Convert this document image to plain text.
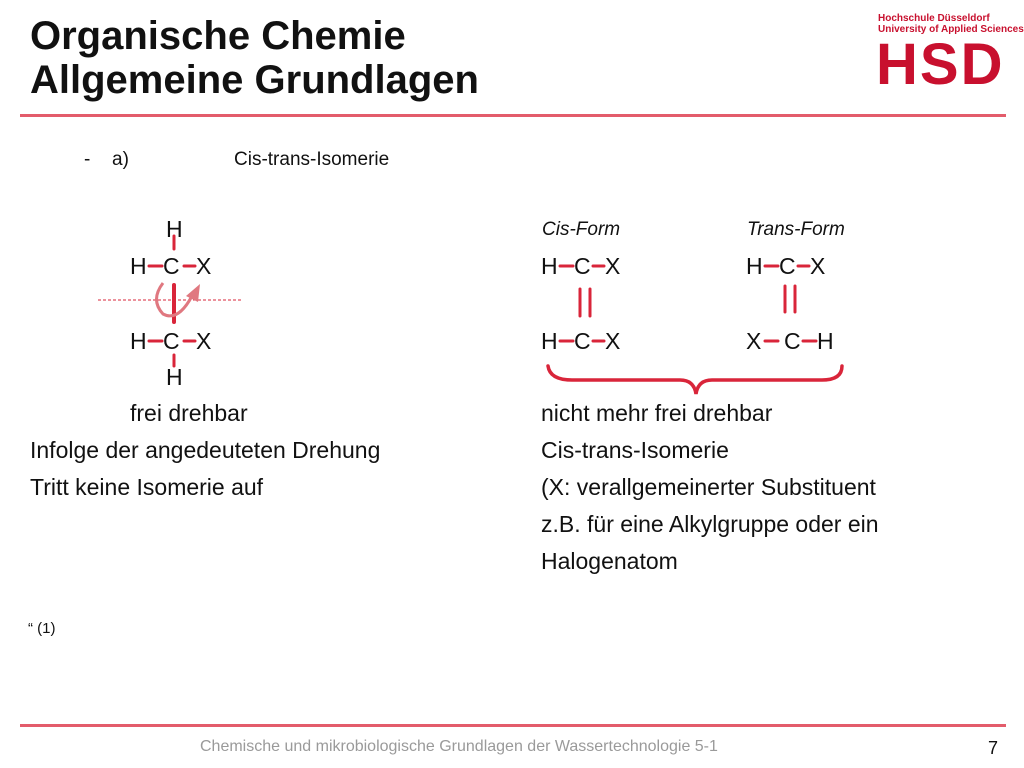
Organische Chemie
Allgemeine Grundlagen
Hochschule Düsseldorf
University of Applied Sciences
HSD
- a)	Cis-trans-Isomerie
H
H C X
H C X
H
Cis-Form
H C X
H C X
Trans-Form
H C X
X C H
frei drehbar
Infolge der angedeuteten Drehung
Tritt keine Isomerie auf
nicht mehr frei drehbar
Cis-trans-Isomerie
(X: verallgemeinerter Substituent
z.B. für eine Alkylgruppe oder ein
Halogenatom
“ (1)
Chemische und mikrobiologische Grundlagen der Wassertechnologie 5-1	7
